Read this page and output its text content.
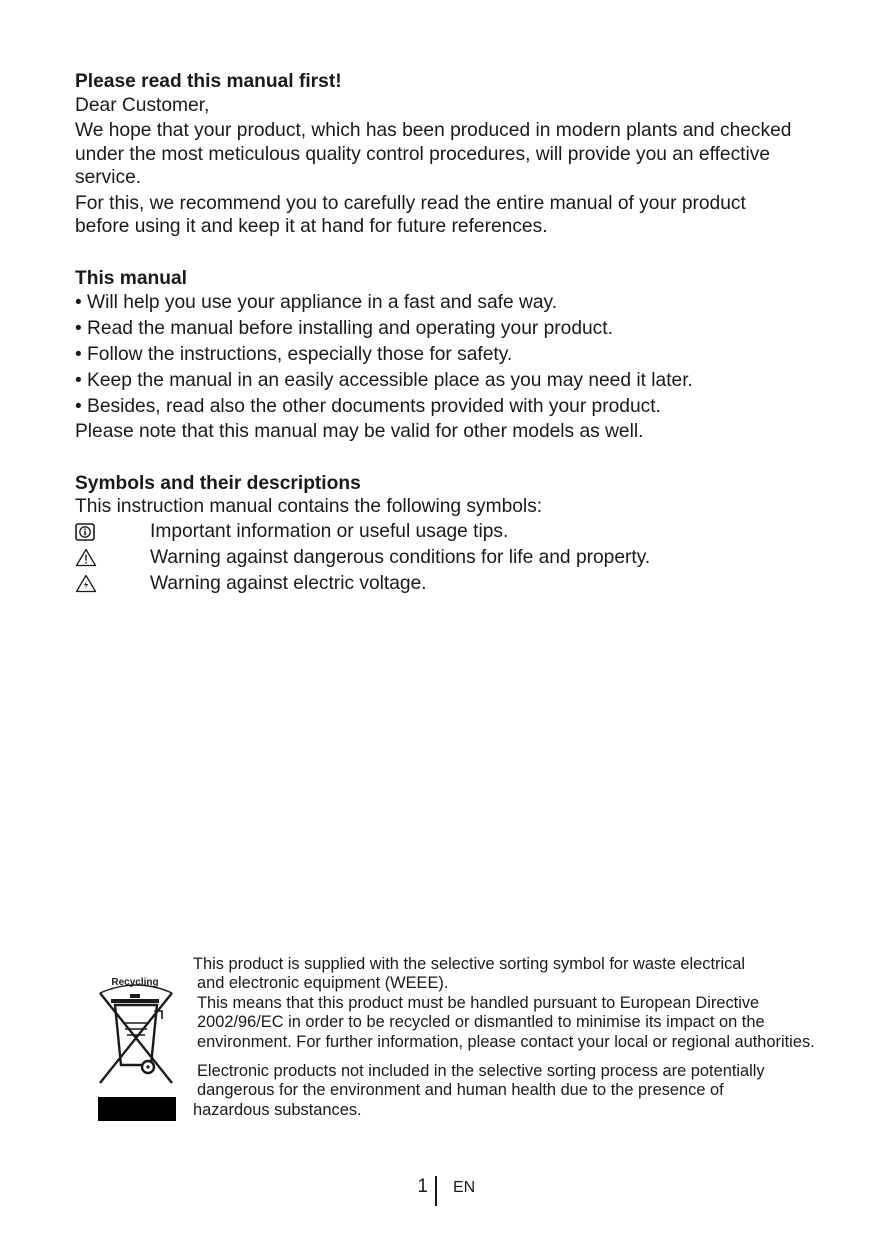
Please read this manual first!

Dear Customer,

We hope that your product, which has been produced in modern plants and checked under the most meticulous quality control procedures, will provide you an effective service.

For this, we recommend you to carefully read the entire manual of your product before using it and keep it at hand for future references.

This manual

• Will help you use your appliance in a fast and safe way.
• Read the manual before installing and operating your product.
• Follow the instructions, especially those for safety.
• Keep the manual in an easily accessible place as you may need it later.
• Besides, read also the other documents provided with your product.

Please note that this manual may be valid for other models as well.

Symbols and their descriptions

This instruction manual contains the following symbols:

Important information or useful usage tips.
Warning against dangerous conditions for life and property.
Warning against electric voltage.
Recycling

This product is supplied with the selective sorting symbol for waste electrical

and electronic equipment (WEEE).

This means that this product must be handled pursuant to European Directive 2002/96/EC in order to be recycled or dismantled to minimise its impact on the environment. For further information, please contact your local or regional authorities.

Electronic products not included in the selective sorting process are potentially dangerous for the environment and human health due to the presence of

hazardous substances.

1 EN
